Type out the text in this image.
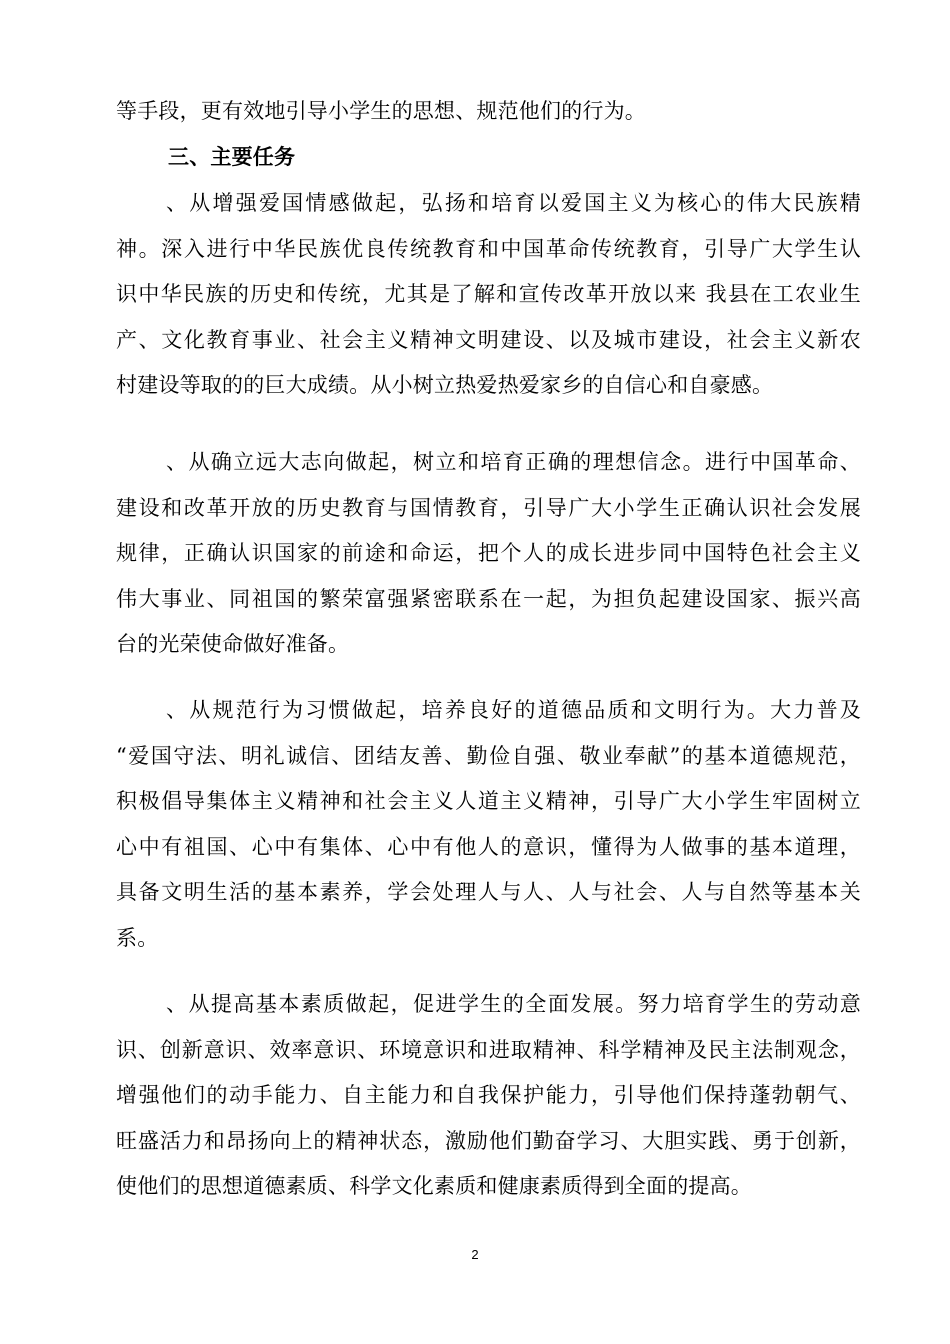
等手段，更有效地引导小学生的思想、规范他们的行为。
三、主要任务
、从增强爱国情感做起，弘扬和培育以爱国主义为核心的伟大民族精
神。深入进行中华民族优良传统教育和中国革命传统教育，引导广大学生认
识中华民族的历史和传统，尤其是了解和宣传改革开放以来 我县在工农业生
产、文化教育事业、社会主义精神文明建设、以及城市建设，社会主义新农
村建设等取的的巨大成绩。从小树立热爱热爱家乡的自信心和自豪感。
、从确立远大志向做起，树立和培育正确的理想信念。进行中国革命、
建设和改革开放的历史教育与国情教育，引导广大小学生正确认识社会发展
规律，正确认识国家的前途和命运，把个人的成长进步同中国特色社会主义
伟大事业、同祖国的繁荣富强紧密联系在一起，为担负起建设国家、振兴高
台的光荣使命做好准备。
、从规范行为习惯做起，培养良好的道德品质和文明行为。大力普及
“爱国守法、明礼诚信、团结友善、勤俭自强、敬业奉献”的基本道德规范，
积极倡导集体主义精神和社会主义人道主义精神，引导广大小学生牢固树立
心中有祖国、心中有集体、心中有他人的意识，懂得为人做事的基本道理，
具备文明生活的基本素养，学会处理人与人、人与社会、人与自然等基本关
系。
、从提高基本素质做起，促进学生的全面发展。努力培育学生的劳动意
识、创新意识、效率意识、环境意识和进取精神、科学精神及民主法制观念，
增强他们的动手能力、自主能力和自我保护能力，引导他们保持蓬勃朝气、
旺盛活力和昂扬向上的精神状态，激励他们勤奋学习、大胆实践、勇于创新，
使他们的思想道德素质、科学文化素质和健康素质得到全面的提高。
2
